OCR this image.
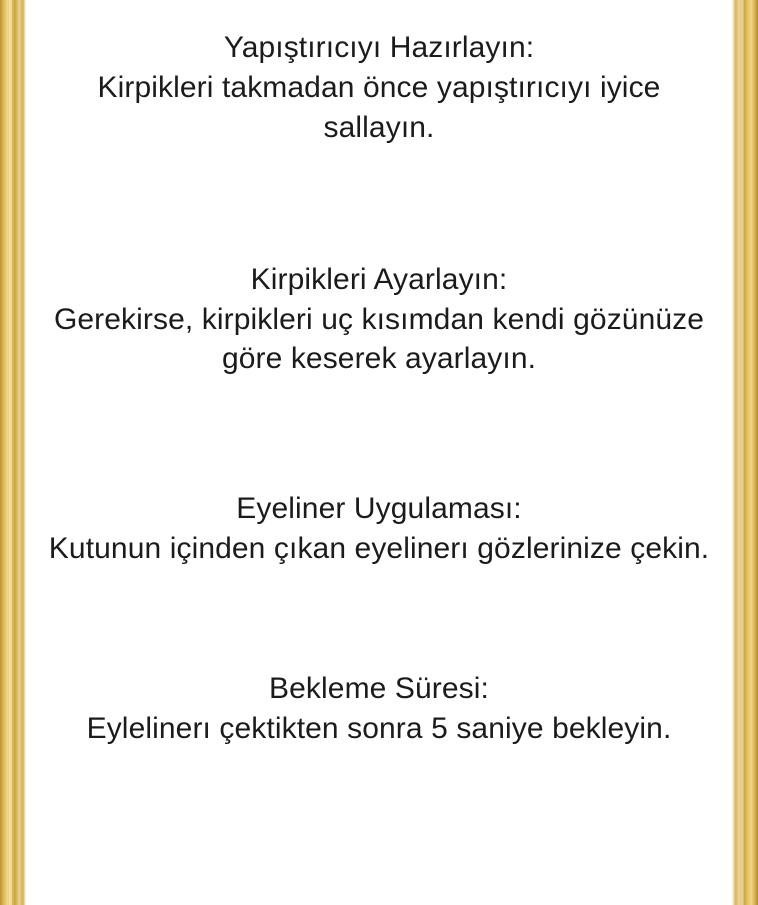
Yapıştırıcıyı Hazırlayın:
Kirpikleri takmadan önce yapıştırıcıyı iyice sallayın.
Kirpikleri Ayarlayın:
Gerekirse, kirpikleri uç kısımdan kendi gözünüze göre keserek ayarlayın.
Eyeliner Uygulaması:
Kutunun içinden çıkan eyelinerı gözlerinize çekin.
Bekleme Süresi:
Eylelinerı çektikten sonra 5 saniye bekleyin.
